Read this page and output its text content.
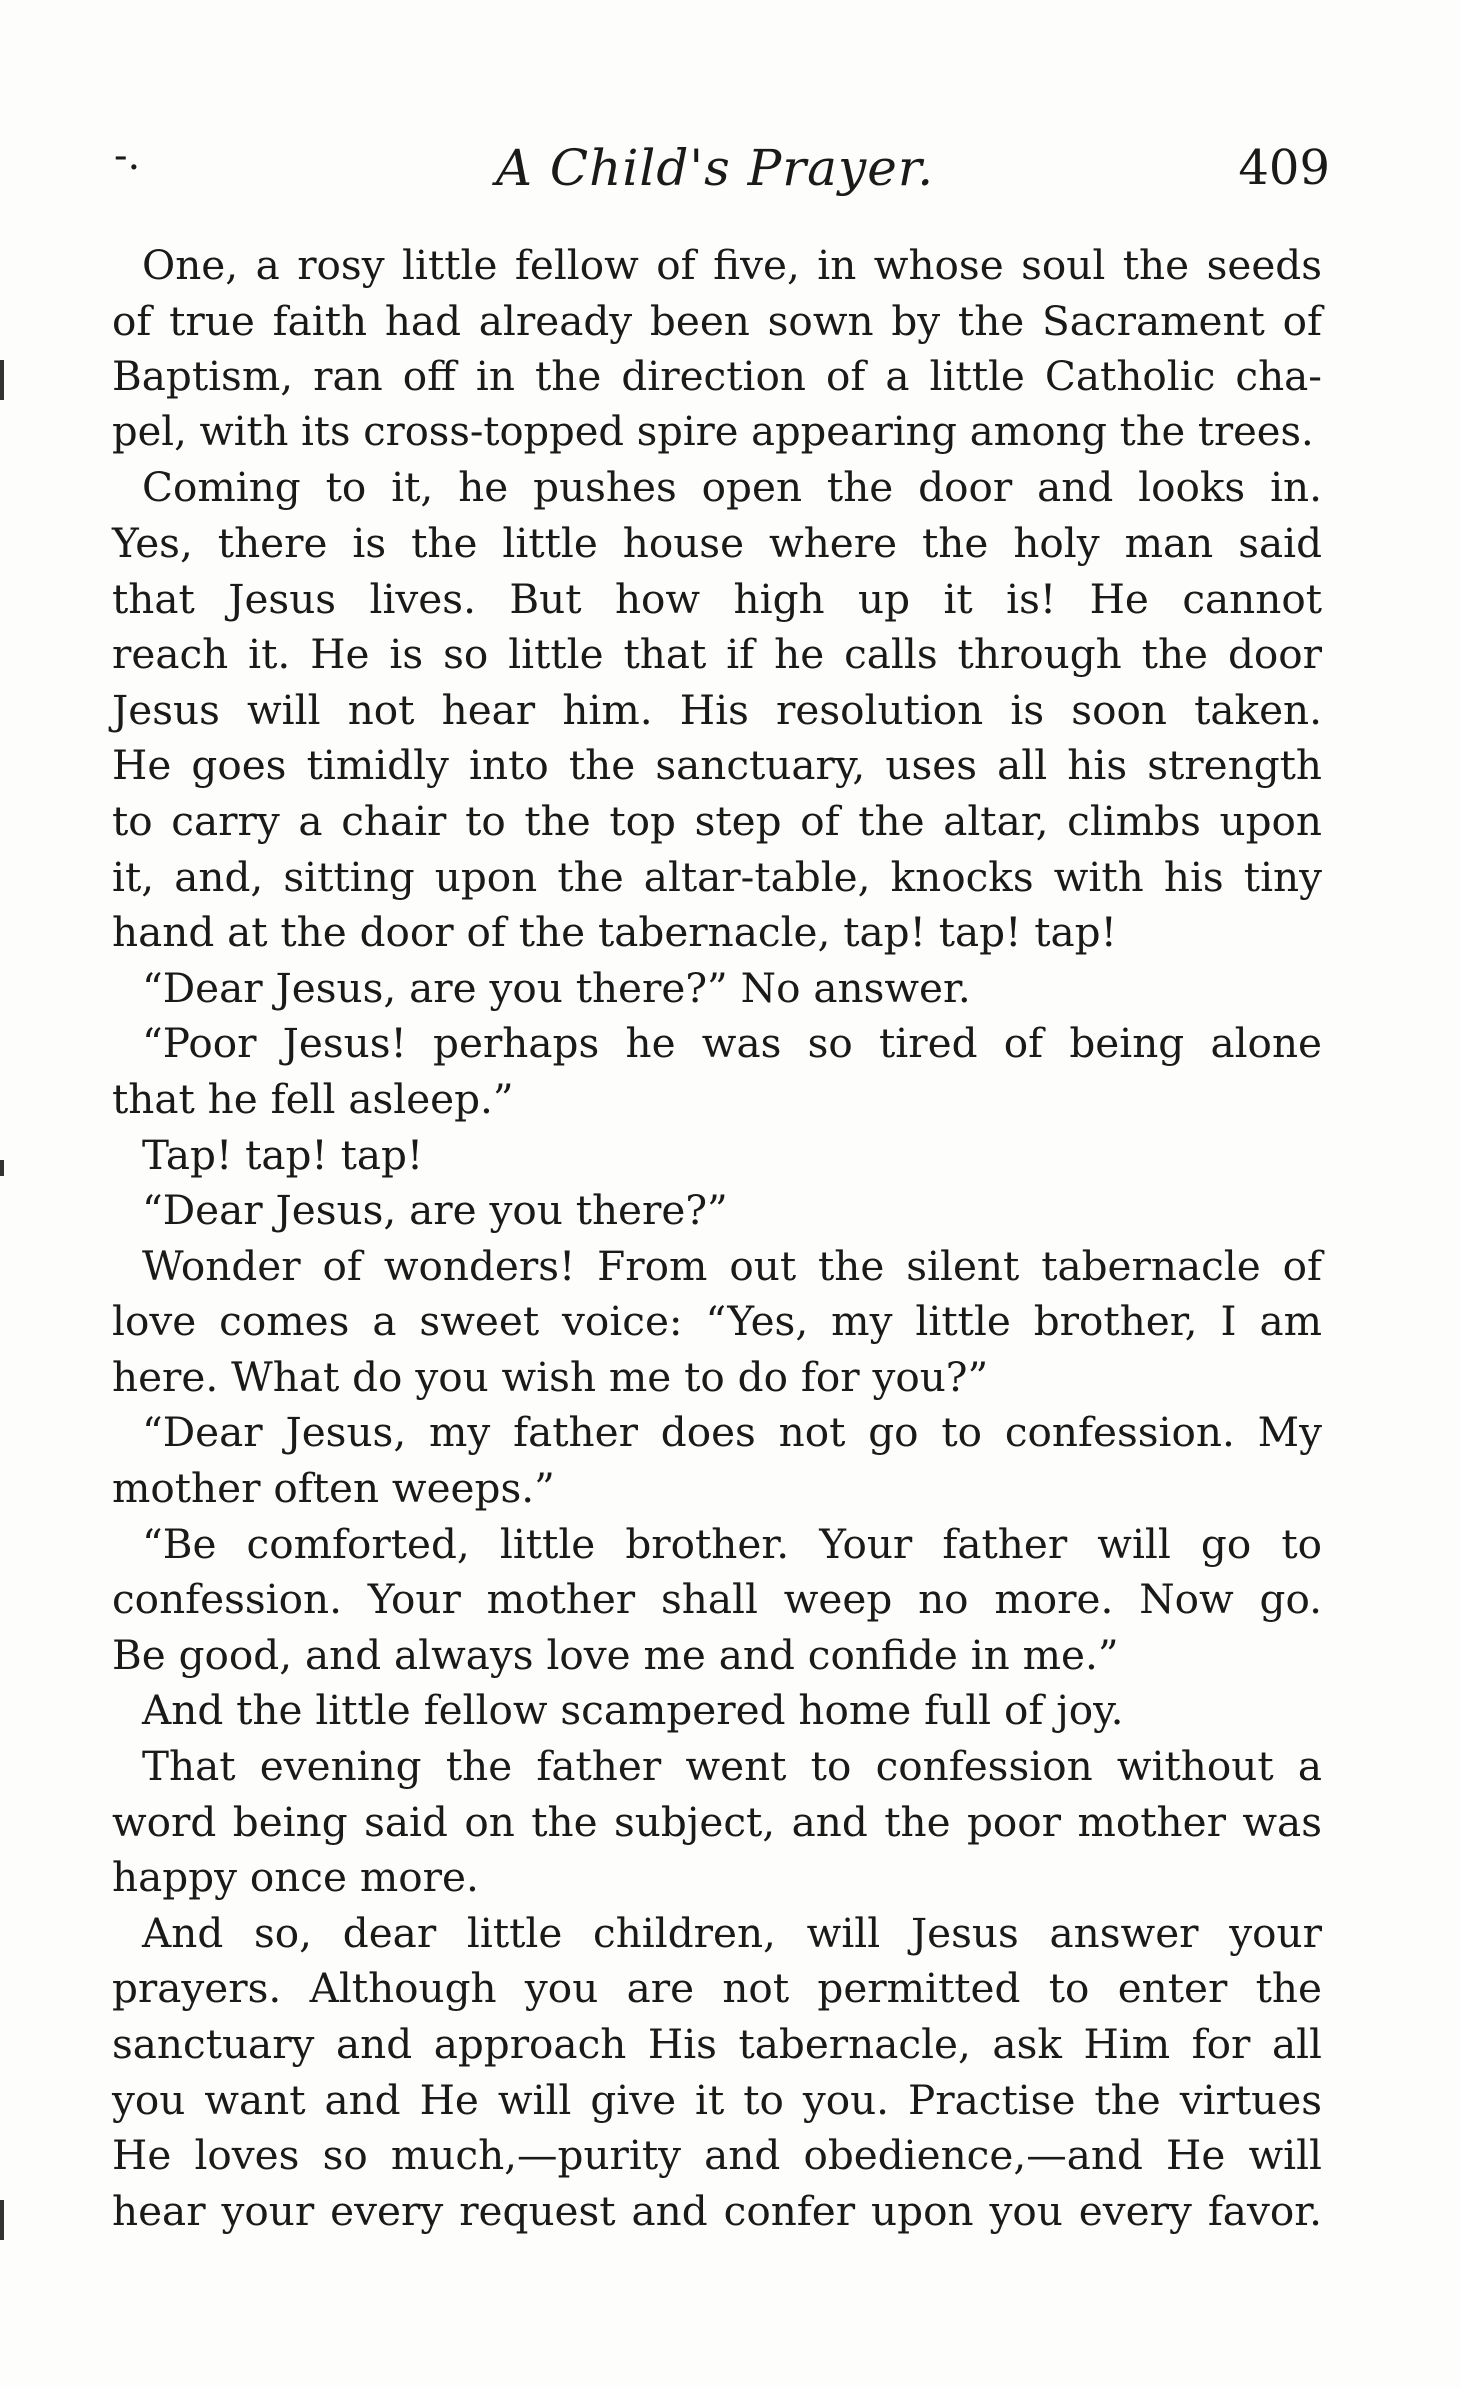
-.	A Child's Prayer.	409
One, a rosy little fellow of five, in whose soul the seeds
of true faith had already been sown by the Sacrament of
Baptism, ran off in the direction of a little Catholic cha-
pel, with its cross-topped spire appearing among the trees.
Coming to it, he pushes open the door and looks in.
Yes, there is the little house where the holy man said
that Jesus lives. But how high up it is! He cannot
reach it. He is so little that if he calls through the door
Jesus will not hear him. His resolution is soon taken.
He goes timidly into the sanctuary, uses all his strength
to carry a chair to the top step of the altar, climbs upon
it, and, sitting upon the altar-table, knocks with his tiny
hand at the door of the tabernacle, tap! tap! tap!
“Dear Jesus, are you there?” No answer.
“Poor Jesus! perhaps he was so tired of being alone
that he fell asleep.”
Tap! tap! tap!
“Dear Jesus, are you there?”
Wonder of wonders! From out the silent tabernacle of
love comes a sweet voice: “Yes, my little brother, I am
here. What do you wish me to do for you?”
“Dear Jesus, my father does not go to confession. My
mother often weeps.”
“Be comforted, little brother. Your father will go to
confession. Your mother shall weep no more. Now go.
Be good, and always love me and confide in me.”
And the little fellow scampered home full of joy.
That evening the father went to confession without a
word being said on the subject, and the poor mother was
happy once more.
And so, dear little children, will Jesus answer your
prayers. Although you are not permitted to enter the
sanctuary and approach His tabernacle, ask Him for all
you want and He will give it to you. Practise the virtues
He loves so much,—purity and obedience,—and He will
hear your every request and confer upon you every favor.
